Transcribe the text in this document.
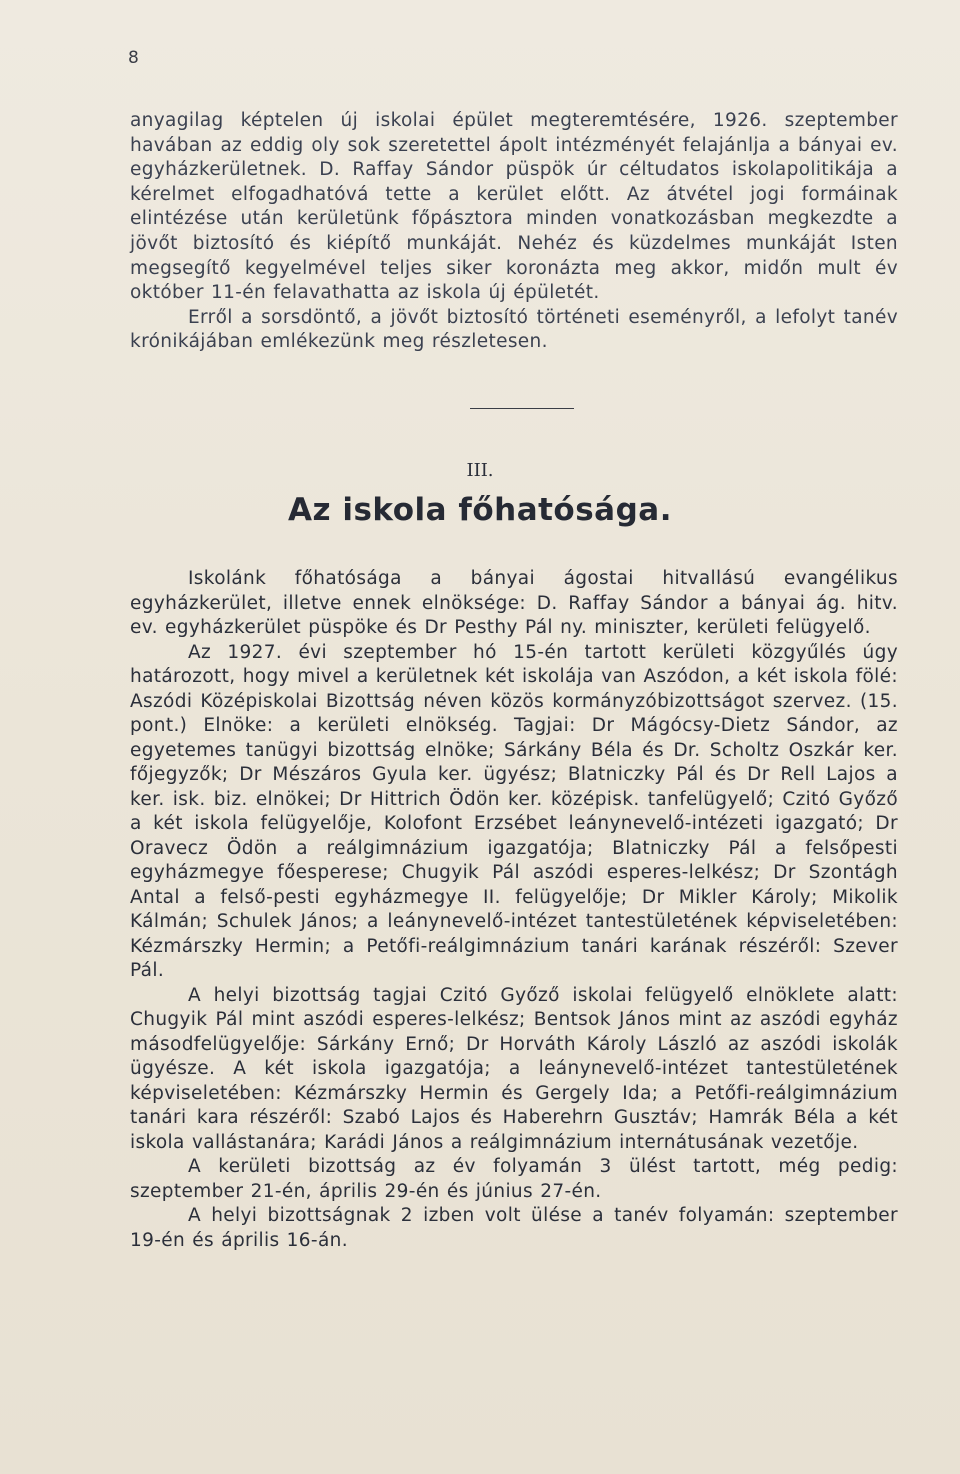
8

anyagilag képtelen új iskolai épület megteremtésére, 1926. szeptember havában az eddig oly sok szeretettel ápolt intézményét felajánlja a bányai ev. egyházkerületnek. D. Raffay Sándor püspök úr céltudatos iskolapolitikája a kérelmet elfogadhatóvá tette a kerület előtt. Az átvétel jogi formáinak elintézése után kerületünk főpásztora minden vonatkozásban megkezdte a jövőt biztosító és kiépítő munkáját. Nehéz és küzdelmes munkáját Isten megsegítő kegyelmével teljes siker koronázta meg akkor, midőn mult év október 11-én felavathatta az iskola új épületét.

Erről a sorsdöntő, a jövőt biztosító történeti eseményről, a lefolyt tanév krónikájában emlékezünk meg részletesen.

III.
Az iskola főhatósága.

Iskolánk főhatósága a bányai ágostai hitvallású evangélikus egyházkerület, illetve ennek elnöksége: D. Raffay Sándor a bányai ág. hitv. ev. egyházkerület püspöke és Dr Pesthy Pál ny. miniszter, kerületi felügyelő.

Az 1927. évi szeptember hó 15-én tartott kerületi közgyűlés úgy határozott, hogy mivel a kerületnek két iskolája van Aszódon, a két iskola fölé: Aszódi Középiskolai Bizottság néven közös kormányzóbizottságot szervez. (15. pont.) Elnöke: a kerületi elnökség. Tagjai: Dr Mágócsy-Dietz Sándor, az egyetemes tanügyi bizottság elnöke; Sárkány Béla és Dr. Scholtz Oszkár ker. főjegyzők; Dr Mészáros Gyula ker. ügyész; Blatniczky Pál és Dr Rell Lajos a ker. isk. biz. elnökei; Dr Hittrich Ödön ker. középisk. tanfelügyelő; Czitó Győző a két iskola felügyelője, Kolofont Erzsébet leánynevelő-intézeti igazgató; Dr Oravecz Ödön a reálgimnázium igazgatója; Blatniczky Pál a felsőpesti egyházmegye főesperese; Chugyik Pál aszódi esperes-lelkész; Dr Szontágh Antal a felső-pesti egyházmegye II. felügyelője; Dr Mikler Károly; Mikolik Kálmán; Schulek János; a leánynevelő-intézet tantestületének képviseletében: Kézmárszky Hermin; a Petőfi-reálgimnázium tanári karának részéről: Szever Pál.

A helyi bizottság tagjai Czitó Győző iskolai felügyelő elnöklete alatt: Chugyik Pál mint aszódi esperes-lelkész; Bentsok János mint az aszódi egyház másodfelügyelője: Sárkány Ernő; Dr Horváth Károly László az aszódi iskolák ügyésze. A két iskola igazgatója; a leánynevelő-intézet tantestületének képviseletében: Kézmárszky Hermin és Gergely Ida; a Petőfi-reálgimnázium tanári kara részéről: Szabó Lajos és Haberehrn Gusztáv; Hamrák Béla a két iskola vallástanára; Karádi János a reálgimnázium internátusának vezetője.

A kerületi bizottság az év folyamán 3 ülést tartott, még pedig: szeptember 21-én, április 29-én és június 27-én.

A helyi bizottságnak 2 izben volt ülése a tanév folyamán: szeptember 19-én és április 16-án.
